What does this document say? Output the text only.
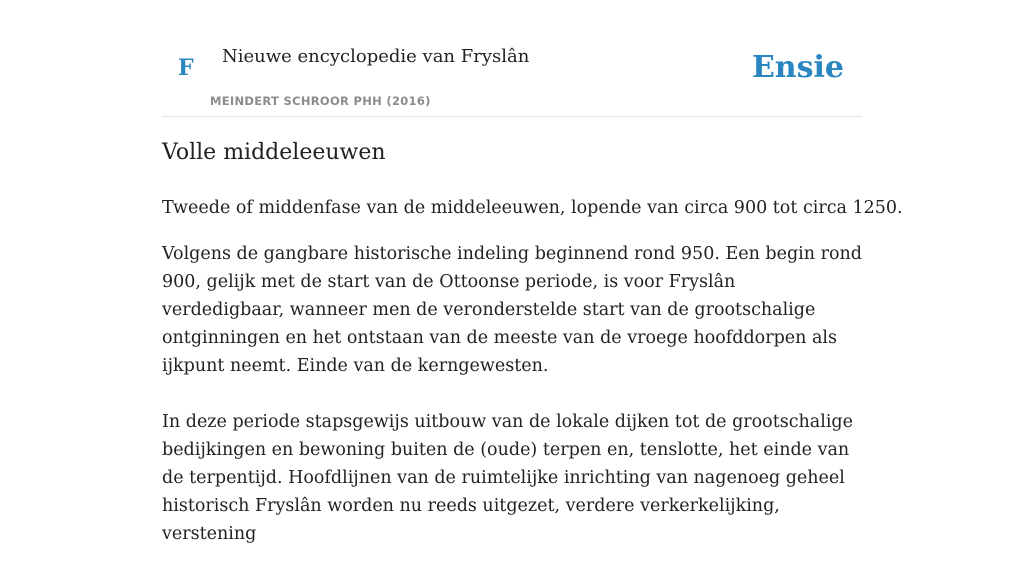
F Nieuwe encyclopedie van Fryslân
MEINDERT SCHROOR PHH (2016)
Ensie
Volle middeleeuwen

Tweede of middenfase van de middeleeuwen, lopende van circa 900 tot circa 1250.

Volgens de gangbare historische indeling beginnend rond 950. Een begin rond 900, gelijk met de start van de Ottoonse periode, is voor Fryslân verdedigbaar, wanneer men de veronderstelde start van de grootschalige ontginningen en het ontstaan van de meeste van de vroege hoofddorpen als ijkpunt neemt. Einde van de kerngewesten.

In deze periode stapsgewijs uitbouw van de lokale dijken tot de grootschalige bedijkingen en bewoning buiten de (oude) terpen en, tenslotte, het einde van de terpentijd. Hoofdlijnen van de ruimtelijke inrichting van nagenoeg geheel historisch Fryslân worden nu reeds uitgezet, verdere verkerkelijking, verstening
